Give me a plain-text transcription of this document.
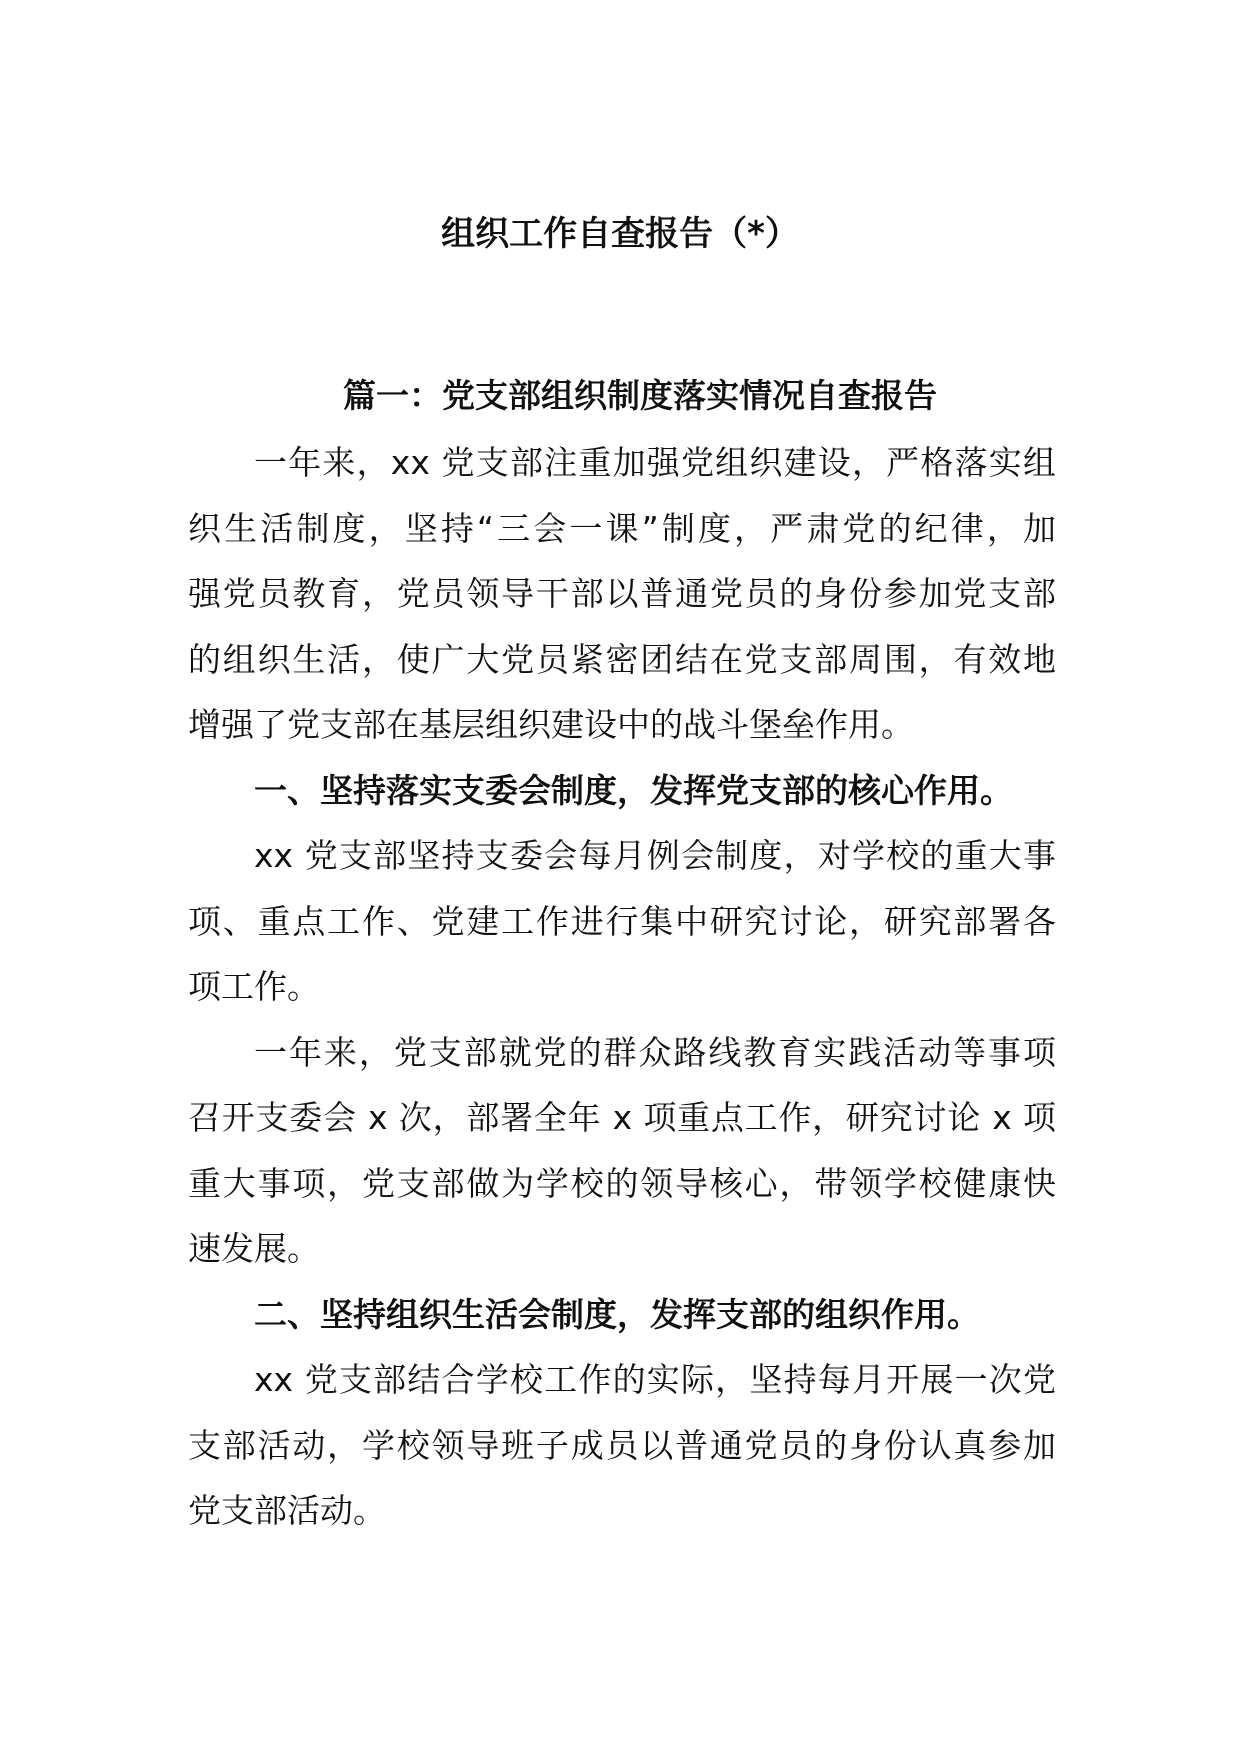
组织工作自查报告（*）
篇一：党支部组织制度落实情况自查报告
一年来，xx 党支部注重加强党组织建设，严格落实组
织生活制度，坚持“三会一课”制度，严肃党的纪律，加
强党员教育，党员领导干部以普通党员的身份参加党支部
的组织生活，使广大党员紧密团结在党支部周围，有效地
增强了党支部在基层组织建设中的战斗堡垒作用。
一、坚持落实支委会制度，发挥党支部的核心作用。
xx 党支部坚持支委会每月例会制度，对学校的重大事
项、重点工作、党建工作进行集中研究讨论，研究部署各
项工作。
一年来，党支部就党的群众路线教育实践活动等事项
召开支委会 x 次，部署全年 x 项重点工作，研究讨论 x 项
重大事项，党支部做为学校的领导核心，带领学校健康快
速发展。
二、坚持组织生活会制度，发挥支部的组织作用。
xx 党支部结合学校工作的实际，坚持每月开展一次党
支部活动，学校领导班子成员以普通党员的身份认真参加
党支部活动。
